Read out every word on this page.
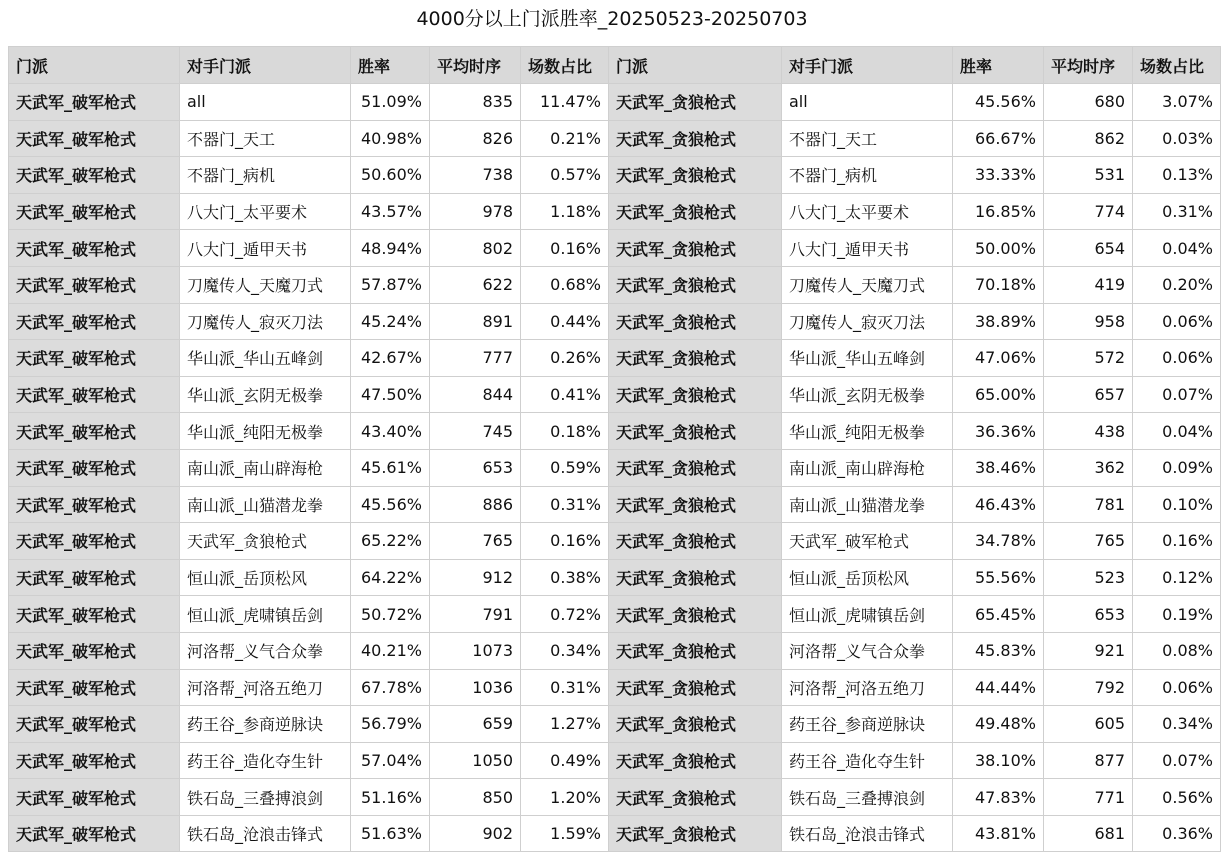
4000分以上门派胜率_20250523-20250703
门派	对手门派	胜率	平均时序	场数占比	门派	对手门派	胜率	平均时序	场数占比
天武军_破军枪式	all	51.09%	835	11.47%	天武军_贪狼枪式	all	45.56%	680	3.07%
天武军_破军枪式	不器门_天工	40.98%	826	0.21%	天武军_贪狼枪式	不器门_天工	66.67%	862	0.03%
天武军_破军枪式	不器门_病机	50.60%	738	0.57%	天武军_贪狼枪式	不器门_病机	33.33%	531	0.13%
天武军_破军枪式	八大门_太平要术	43.57%	978	1.18%	天武军_贪狼枪式	八大门_太平要术	16.85%	774	0.31%
天武军_破军枪式	八大门_遁甲天书	48.94%	802	0.16%	天武军_贪狼枪式	八大门_遁甲天书	50.00%	654	0.04%
天武军_破军枪式	刀魔传人_天魔刀式	57.87%	622	0.68%	天武军_贪狼枪式	刀魔传人_天魔刀式	70.18%	419	0.20%
天武军_破军枪式	刀魔传人_寂灭刀法	45.24%	891	0.44%	天武军_贪狼枪式	刀魔传人_寂灭刀法	38.89%	958	0.06%
天武军_破军枪式	华山派_华山五峰剑	42.67%	777	0.26%	天武军_贪狼枪式	华山派_华山五峰剑	47.06%	572	0.06%
天武军_破军枪式	华山派_玄阴无极拳	47.50%	844	0.41%	天武军_贪狼枪式	华山派_玄阴无极拳	65.00%	657	0.07%
天武军_破军枪式	华山派_纯阳无极拳	43.40%	745	0.18%	天武军_贪狼枪式	华山派_纯阳无极拳	36.36%	438	0.04%
天武军_破军枪式	南山派_南山辟海枪	45.61%	653	0.59%	天武军_贪狼枪式	南山派_南山辟海枪	38.46%	362	0.09%
天武军_破军枪式	南山派_山猫潜龙拳	45.56%	886	0.31%	天武军_贪狼枪式	南山派_山猫潜龙拳	46.43%	781	0.10%
天武军_破军枪式	天武军_贪狼枪式	65.22%	765	0.16%	天武军_贪狼枪式	天武军_破军枪式	34.78%	765	0.16%
天武军_破军枪式	恒山派_岳顶松风	64.22%	912	0.38%	天武军_贪狼枪式	恒山派_岳顶松风	55.56%	523	0.12%
天武军_破军枪式	恒山派_虎啸镇岳剑	50.72%	791	0.72%	天武军_贪狼枪式	恒山派_虎啸镇岳剑	65.45%	653	0.19%
天武军_破军枪式	河洛帮_义气合众拳	40.21%	1073	0.34%	天武军_贪狼枪式	河洛帮_义气合众拳	45.83%	921	0.08%
天武军_破军枪式	河洛帮_河洛五绝刀	67.78%	1036	0.31%	天武军_贪狼枪式	河洛帮_河洛五绝刀	44.44%	792	0.06%
天武军_破军枪式	药王谷_参商逆脉诀	56.79%	659	1.27%	天武军_贪狼枪式	药王谷_参商逆脉诀	49.48%	605	0.34%
天武军_破军枪式	药王谷_造化夺生针	57.04%	1050	0.49%	天武军_贪狼枪式	药王谷_造化夺生针	38.10%	877	0.07%
天武军_破军枪式	铁石岛_三叠搏浪剑	51.16%	850	1.20%	天武军_贪狼枪式	铁石岛_三叠搏浪剑	47.83%	771	0.56%
天武军_破军枪式	铁石岛_沧浪击锋式	51.63%	902	1.59%	天武军_贪狼枪式	铁石岛_沧浪击锋式	43.81%	681	0.36%
